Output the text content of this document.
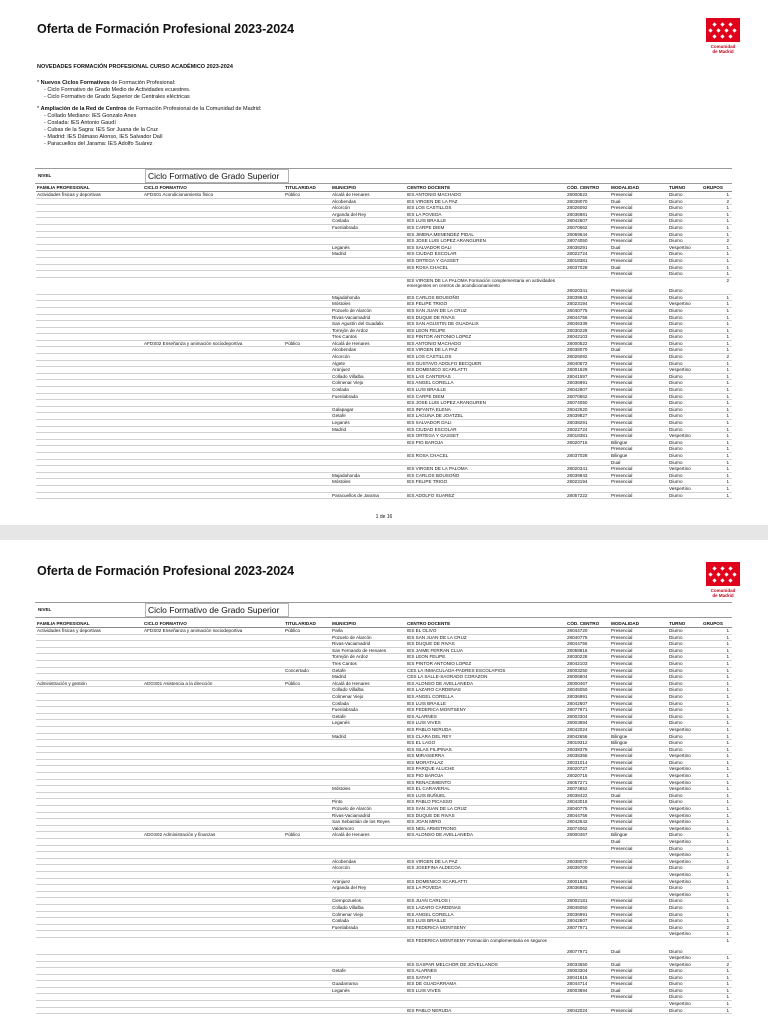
Oferta de Formación Profesional 2023-2024
Comunidad
de Madrid
NOVEDADES FORMACIÓN PROFESIONAL CURSO ACADÉMICO 2023-2024
* Nuevos Ciclos Formativos de Formación Profesional:
- Ciclo Formativo de Grado Medio de Actividades ecuestres.
- Ciclo Formativo de Grado Superior de Centrales eléctricas
* Ampliación de la Red de Centros de Formación Profesional de la Comunidad de Madrid:
- Collado Mediano: IES Gonzalo Anes
- Coslada: IES Antonio Gaudí
- Cubas de la Sagra: IES Sor Juana de la Cruz
- Madrid: IES Dámaso Alonso, IES Salvador Dalí
- Paracuellos del Jarama: IES Adolfo Suárez
NIVEL	Ciclo Formativo de Grado Superior
FAMILIA PROFESIONAL	CICLO FORMATIVO	TITULARIDAD	MUNICIPIO	CENTRO DOCENTE	CÓD. CENTRO	MODALIDAD	TURNO	GRUPOS
Actividades físicas y deportivas	AFDS01 Acondicionamiento físico	Público	Alcalá de Henares	IES ANTONIO MACHADO	28000522	Presencial	Diurno	1
			Alcobendas	IES VIRGEN DE LA PAZ	28038070	Dual	Diurno	2
			Alcorcón	IES LOS CASTILLOS	28026092	Presencial	Diurno	1
			Arganda del Rey	IES LA POVEDA	28036981	Presencial	Diurno	1
			Coslada	IES LUIS BRAILLE	28042607	Presencial	Diurno	1
			Fuenlabrada	IES CARPE DIEM	28070662	Presencial	Diurno	1
				IES JIMENA MENENDEZ PIDAL	28069644	Presencial	Diurno	1
				IES JOSE LUIS LOPEZ ARANGUREN	28074050	Presencial	Diurno	2
			Leganés	IES SALVADOR DALI	28038291	Dual	Vespertino	1
			Madrid	IES CIUDAD ESCOLAR	28022724	Presencial	Diurno	1
				IES ORTEGA Y GASSET	28018381	Presencial	Diurno	1
				IES ROSA CHACEL	28037028	Dual	Diurno	1
						Presencial	Diurno	1
				IES VIRGEN DE LA PALOMA Formación complementaria en actividades emergentes en centros de acondicionamiento	28020341	Presencial	Diurno	2
			Majadahonda	IES CARLOS BOUSOÑO	28039943	Presencial	Diurno	1
			Móstoles	IES FELIPE TRIGO	28023194	Presencial	Vespertino	1
			Pozuelo de Alarcón	IES SAN JUAN DE LA CRUZ	28040775	Presencial	Diurno	1
			Rivas-Vaciamadrid	IES DUQUE DE RIVAS	28044756	Presencial	Diurno	1
			San Agustín del Guadalix	IES SAN AGUSTIN DE GUADALIX	28046339	Presencial	Diurno	1
			Torrejón de Ardoz	IES LEON FELIPE	28030228	Presencial	Diurno	1
			Tres Cantos	IES PINTOR ANTONIO LOPEZ	28042103	Presencial	Diurno	1
	AFDS02 Enseñanza y animación sociodeportiva	Público	Alcalá de Henares	IES ANTONIO MACHADO	28000522	Presencial	Diurno	1
			Alcobendas	IES VIRGEN DE LA PAZ	28038070	Dual	Diurno	1
			Alcorcón	IES LOS CASTILLOS	28026092	Presencial	Diurno	2
			Algete	IES GUSTAVO ADOLFO BECQUER	28040672	Presencial	Diurno	1
			Aranjuez	IES DOMENICO SCARLATTI	28001629	Presencial	Vespertino	1
			Collado Villalba	IES LAS CANTERAS	28041597	Presencial	Diurno	1
			Colmenar Viejo	IES ANGEL CORELLA	28036991	Presencial	Diurno	1
			Coslada	IES LUIS BRAILLE	28042607	Presencial	Diurno	1
			Fuenlabrada	IES CARPE DIEM	28070662	Presencial	Diurno	1
				IES JOSE LUIS LOPEZ ARANGUREN	28074050	Presencial	Diurno	1
			Galapagar	IES INFANTA ELENA	28042620	Presencial	Diurno	1
			Getafe	IES LAGUNA DE JOATZEL	28039827	Presencial	Diurno	1
			Leganés	IES SALVADOR DALI	28038291	Presencial	Diurno	1
			Madrid	IES CIUDAD ESCOLAR	28022724	Presencial	Diurno	1
				IES ORTEGA Y GASSET	28018381	Presencial	Vespertino	1
				IES PIO BAROJA	28020715	Bilingüe	Diurno	1
						Presencial	Diurno	1
				IES ROSA CHACEL	28037028	Bilingüe	Diurno	1
						Dual	Diurno	1
				IES VIRGEN DE LA PALOMA	28020341	Presencial	Vespertino	1
			Majadahonda	IES CARLOS BOUSOÑO	28039943	Presencial	Diurno	1
			Móstoles	IES FELIPE TRIGO	28023194	Presencial	Diurno	1
							Vespertino	1
			Paracuellos de Jarama	IES ADOLFO SUAREZ	28057222	Presencial	Diurno	1
1 de 16
Oferta de Formación Profesional 2023-2024
Comunidad
de Madrid
NIVEL	Ciclo Formativo de Grado Superior
FAMILIA PROFESIONAL	CICLO FORMATIVO	TITULARIDAD	MUNICIPIO	CENTRO DOCENTE	CÓD. CENTRO	MODALIDAD	TURNO	GRUPOS
Actividades físicas y deportivas	AFDS02 Enseñanza y animación sociodeportiva	Público	Parla	IES EL OLIVO	28044720	Presencial	Diurno	1
			Pozuelo de Alarcón	IES SAN JUAN DE LA CRUZ	28040775	Presencial	Diurno	1
			Rivas-Vaciamadrid	IES DUQUE DE RIVAS	28044756	Presencial	Diurno	1
			San Fernando de Henares	IES JAIME FERRAN CLUA	28058816	Presencial	Diurno	1
			Torrejón de Ardoz	IES LEON FELIPE	28030228	Presencial	Diurno	1
			Tres Cantos	IES PINTOR ANTONIO LOPEZ	28042103	Presencial	Diurno	1
		Concertado	Getafe	CES LA INMACULADA-PADRES ESCOLAPIOS	28003250	Presencial	Diurno	1
			Madrid	CES LA SALLE-SAGRADO CORAZON	28006804	Presencial	Diurno	1
Administración y gestión	ADGS01 Asistencia a la dirección	Público	Alcalá de Henares	IES ALONSO DE AVELLANEDA	28000467	Presencial	Diurno	1
			Collado Villalba	IES LAZARO CARDENAS	28045050	Presencial	Diurno	1
			Colmenar Viejo	IES ANGEL CORELLA	28036991	Presencial	Diurno	1
			Coslada	IES LUIS BRAILLE	28042607	Presencial	Diurno	1
			Fuenlabrada	IES FEDERICA MONTSENY	28077971	Presencial	Diurno	1
			Getafe	IES ALARNES	28003304	Presencial	Diurno	1
			Leganés	IES LUIS VIVES	28003894	Presencial	Diurno	1
				IES PABLO NERUDA	28042024	Presencial	Vespertino	1
			Madrid	IES CLARA DEL REY	28042656	Bilingüe	Diurno	1
				IES EL LAGO	28019312	Bilingüe	Diurno	1
				IES ISLAS FILIPINAS	28038379	Presencial	Diurno	1
				IES MIRASIERRA	28038355	Presencial	Vespertino	1
				IES MORATALAZ	28031014	Presencial	Diurno	1
				IES PARQUE ALUCHE	28020727	Presencial	Vespertino	1
				IES PIO BAROJA	28020715	Presencial	Vespertino	1
				IES RENACIMIENTO	28057271	Presencial	Vespertino	1
			Móstoles	IES EL CARAVERAL	28074852	Presencial	Vespertino	1
				IES LUIS BUÑUEL	28038422	Dual	Diurno	1
			Pinto	IES PABLO PICASSO	28043016	Presencial	Diurno	1
			Pozuelo de Alarcón	IES SAN JUAN DE LA CRUZ	28040775	Presencial	Vespertino	1
			Rivas-Vaciamadrid	IES DUQUE DE RIVAS	28044756	Presencial	Vespertino	1
			San Sebastián de los Reyes	IES JOAN MIRO	28042642	Presencial	Vespertino	1
			Valdemoro	IES NEIL ARMSTRONG	28074062	Presencial	Vespertino	1
	ADGS02 Administración y finanzas	Público	Alcalá de Henares	IES ALONSO DE AVELLANEDA	28000467	Bilingüe	Diurno	1
						Dual	Vespertino	1
						Presencial	Diurno	1
							Vespertino	1
			Alcobendas	IES VIRGEN DE LA PAZ	28038070	Presencial	Vespertino	1
			Alcorcón	IES JOSEFINA ALDECOA	28039700	Presencial	Diurno	2
							Vespertino	1
			Aranjuez	IES DOMENICO SCARLATTI	28001629	Presencial	Vespertino	1
			Arganda del Rey	IES LA POVEDA	28036981	Presencial	Diurno	1
							Vespertino	1
			Ciempozuelos	IES JUAN CARLOS I	28002181	Presencial	Diurno	1
			Collado Villalba	IES LAZARO CARDENAS	28045050	Presencial	Diurno	1
			Colmenar Viejo	IES ANGEL CORELLA	28036991	Presencial	Diurno	1
			Coslada	IES LUIS BRAILLE	28042607	Presencial	Diurno	1
			Fuenlabrada	IES FEDERICA MONTSENY	28077971	Presencial	Diurno	2
							Vespertino	1
				IES FEDERICA MONTSENY Formación complementaria en seguros	28077971	Dual	Diurno	1
							Vespertino	1
				IES GASPAR MELCHOR DE JOVELLANOS	28033650	Dual	Vespertino	2
			Getafe	IES ALARNES	28003304	Presencial	Diurno	1
				IES SATAFI	28041615	Presencial	Diurno	1
			Guadarrama	IES DE GUADARRAMA	28044714	Presencial	Diurno	1
			Leganés	IES LUIS VIVES	28003894	Dual	Diurno	1
						Presencial	Diurno	1
							Vespertino	1
				IES PABLO NERUDA	28042024	Presencial	Diurno	1
